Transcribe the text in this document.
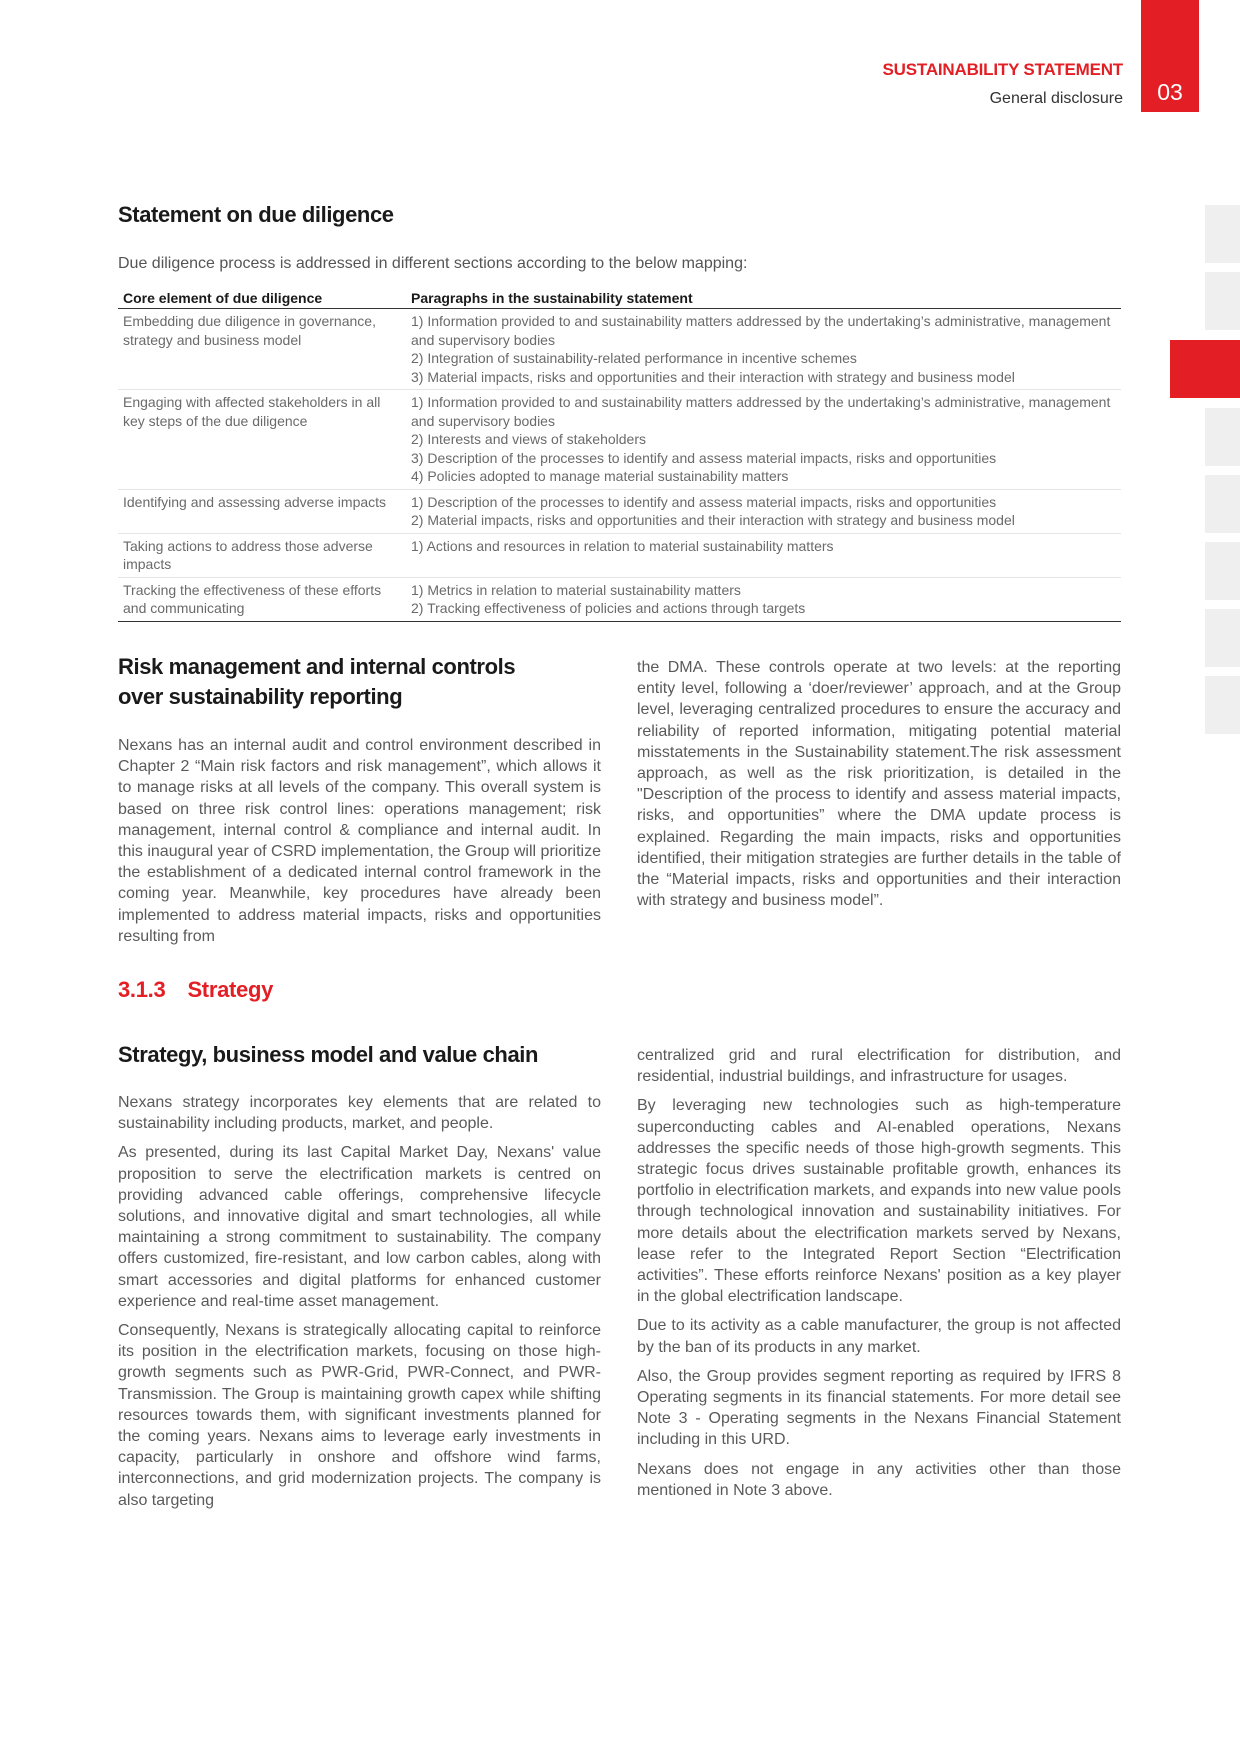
SUSTAINABILITY STATEMENT
General disclosure 03
Statement on due diligence
Due diligence process is addressed in different sections according to the below mapping:
Core element of due diligence	Paragraphs in the sustainability statement
Embedding due diligence in governance, strategy and business model	1) Information provided to and sustainability matters addressed by the undertaking’s administrative, management and supervisory bodies
2) Integration of sustainability-related performance in incentive schemes
3) Material impacts, risks and opportunities and their interaction with strategy and business model

Engaging with affected stakeholders in all key steps of the due diligence	1) Information provided to and sustainability matters addressed by the undertaking’s administrative, management and supervisory bodies
2) Interests and views of stakeholders
3) Description of the processes to identify and assess material impacts, risks and opportunities
4) Policies adopted to manage material sustainability matters

Identifying and assessing adverse impacts	1) Description of the processes to identify and assess material impacts, risks and opportunities
2) Material impacts, risks and opportunities and their interaction with strategy and business model

Taking actions to address those adverse impacts	1) Actions and resources in relation to material sustainability matters

Tracking the effectiveness of these efforts and communicating	1) Metrics in relation to material sustainability matters
2) Tracking effectiveness of policies and actions through targets
Risk management and internal controls
over sustainability reporting

Nexans has an internal audit and control environment described in Chapter 2 “Main risk factors and risk management”, which allows it to manage risks at all levels of the company. This overall system is based on three risk control lines: operations management; risk management, internal control & compliance and internal audit. In this inaugural year of CSRD implementation, the Group will prioritize the establishment of a dedicated internal control framework in the coming year. Meanwhile, key procedures have already been implemented to address material impacts, risks and opportunities resulting from

the DMA. These controls operate at two levels: at the reporting entity level, following a ‘doer/reviewer’ approach, and at the Group level, leveraging centralized procedures to ensure the accuracy and reliability of reported information, mitigating potential material misstatements in the Sustainability statement.The risk assessment approach, as well as the risk prioritization, is detailed in the "Description of the process to identify and assess material impacts, risks, and opportunities” where the DMA update process is explained. Regarding the main impacts, risks and opportunities identified, their mitigation strategies are further details in the table of the “Material impacts, risks and opportunities and their interaction with strategy and business model”.

3.1.3 Strategy
Strategy, business model and value chain

Nexans strategy incorporates key elements that are related to sustainability including products, market, and people.

As presented, during its last Capital Market Day, Nexans' value proposition to serve the electrification markets is centred on providing advanced cable offerings, comprehensive lifecycle solutions, and innovative digital and smart technologies, all while maintaining a strong commitment to sustainability. The company offers customized, fire-resistant, and low carbon cables, along with smart accessories and digital platforms for enhanced customer experience and real-time asset management.

Consequently, Nexans is strategically allocating capital to reinforce its position in the electrification markets, focusing on those high-growth segments such as PWR-Grid, PWR-Connect, and PWR-Transmission. The Group is maintaining growth capex while shifting resources towards them, with significant investments planned for the coming years. Nexans aims to leverage early investments in capacity, particularly in onshore and offshore wind farms, interconnections, and grid modernization projects. The company is also targeting

centralized grid and rural electrification for distribution, and residential, industrial buildings, and infrastructure for usages.

By leveraging new technologies such as high-temperature superconducting cables and AI-enabled operations, Nexans addresses the specific needs of those high-growth segments. This strategic focus drives sustainable profitable growth, enhances its portfolio in electrification markets, and expands into new value pools through technological innovation and sustainability initiatives. For more details about the electrification markets served by Nexans, lease refer to the Integrated Report Section “Electrification activities”. These efforts reinforce Nexans' position as a key player in the global electrification landscape.

Due to its activity as a cable manufacturer, the group is not affected by the ban of its products in any market.

Also, the Group provides segment reporting as required by IFRS 8 Operating segments in its financial statements. For more detail see Note 3 - Operating segments in the Nexans Financial Statement including in this URD.

Nexans does not engage in any activities other than those mentioned in Note 3 above.
